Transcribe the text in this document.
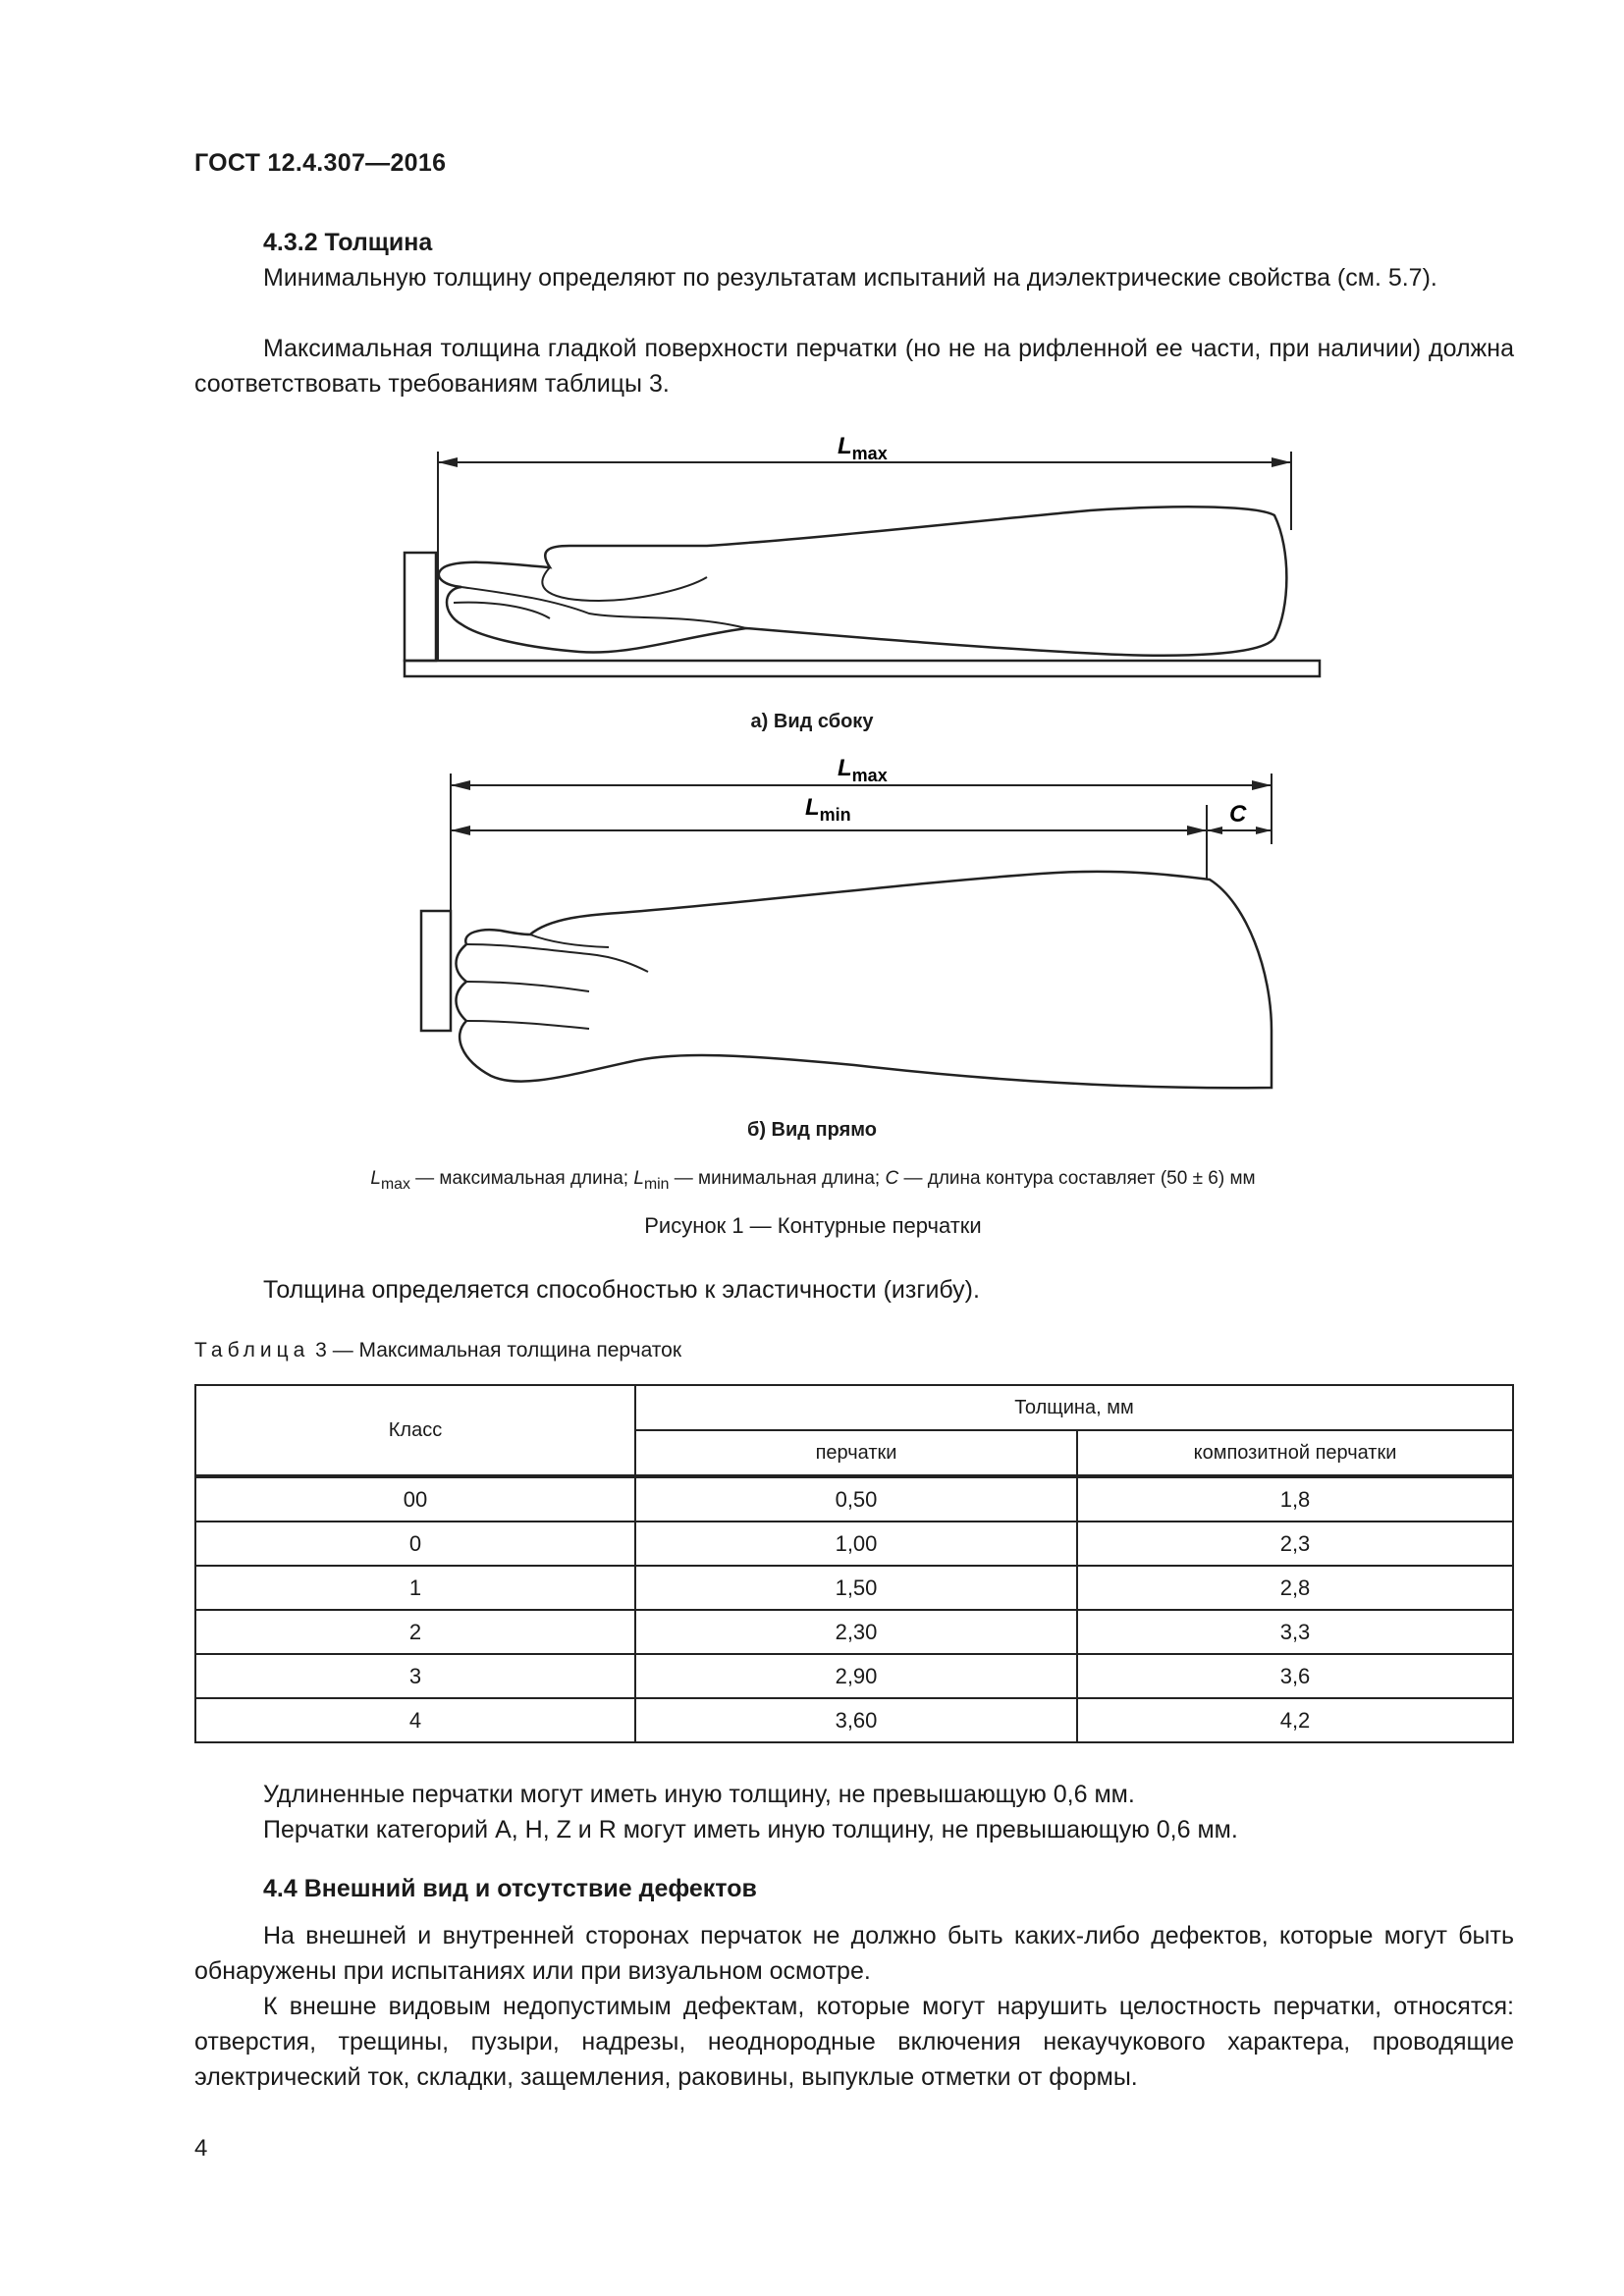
ГОСТ 12.4.307—2016
4.3.2 Толщина
Минимальную толщину определяют по результатам испытаний на диэлектрические свойства (см. 5.7).
Максимальная толщина гладкой поверхности перчатки (но не на рифленной ее части, при наличии) должна соответствовать требованиям таблицы 3.
$L_{max}$
$L_{max}$
$L_{min}$	C
а) Вид сбоку
б) Вид прямо
$L_{max}$ — максимальная длина; $L_{min}$ — минимальная длина; C — длина контура составляет (50 ± 6) мм
Рисунок 1 — Контурные перчатки
Толщина определяется способностью к эластичности (изгибу).
Таблица 3 — Максимальная толщина перчаток
Класс	Толщина, мм	
	перчатки	композитной перчатки
00	0,50	1,8
0	1,00	2,3
1	1,50	2,8
2	2,30	3,3
3	2,90	3,6
4	3,60	4,2
Удлиненные перчатки могут иметь иную толщину, не превышающую 0,6 мм.
Перчатки категорий A, H, Z и R могут иметь иную толщину, не превышающую 0,6 мм.
4.4 Внешний вид и отсутствие дефектов
На внешней и внутренней сторонах перчаток не должно быть каких-либо дефектов, которые могут быть обнаружены при испытаниях или при визуальном осмотре.
К внешне видовым недопустимым дефектам, которые могут нарушить целостность перчатки, относятся: отверстия, трещины, пузыри, надрезы, неоднородные включения некаучукового характера, проводящие электрический ток, складки, защемления, раковины, выпуклые отметки от формы.
4
